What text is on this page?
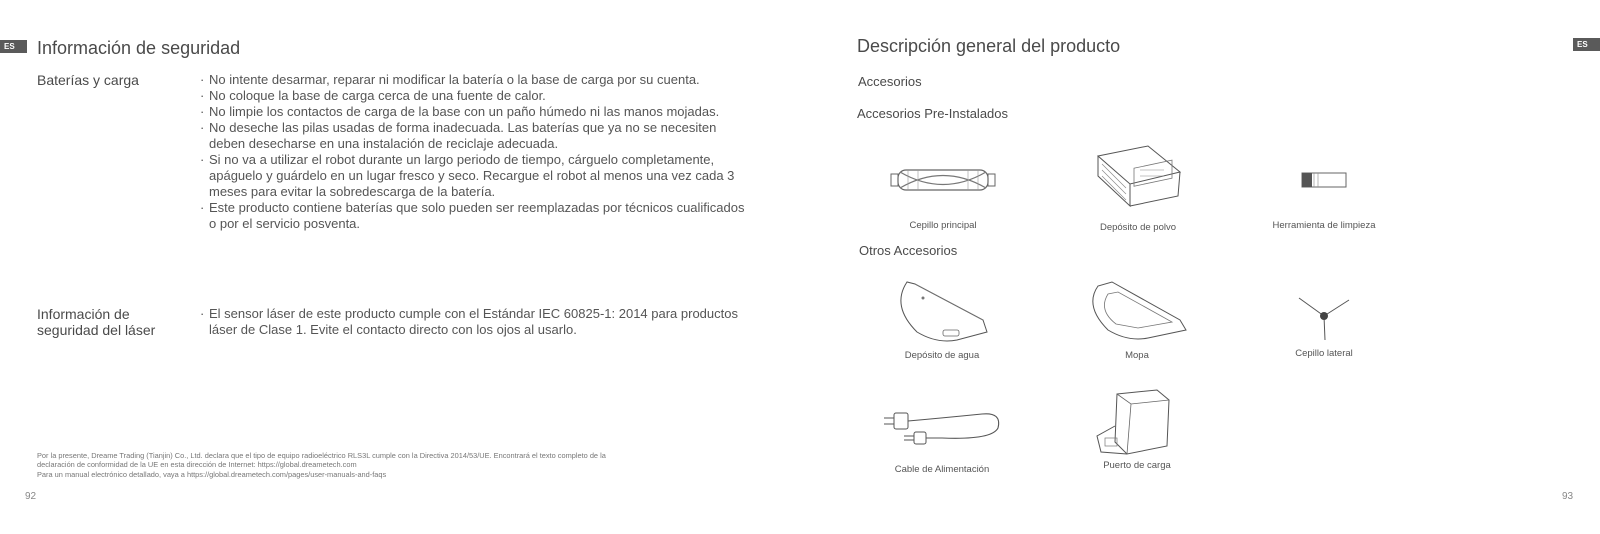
ES	Información de seguridad
Baterías y carga
·	No intente desarmar, reparar ni modificar la batería o la base de carga por su cuenta.
· No coloque la base de carga cerca de una fuente de calor.
· No limpie los contactos de carga de la base con un paño húmedo ni las manos mojadas.
· No deseche las pilas usadas de forma inadecuada. Las baterías que ya no se necesiten deben desecharse en una instalación de reciclaje adecuada.
· Si no va a utilizar el robot durante un largo periodo de tiempo, cárguelo completamente, apáguelo y guárdelo en un lugar fresco y seco. Recargue el robot al menos una vez cada 3 meses para evitar la sobredescarga de la batería.
· Este producto contiene baterías que solo pueden ser reemplazadas por técnicos cualificados o por el servicio posventa.
Información de seguridad del láser
· El sensor láser de este producto cumple con el Estándar IEC 60825-1: 2014 para productos láser de Clase 1. Evite el contacto directo con los ojos al usarlo.
Por la presente, Dreame Trading (Tianjin) Co., Ltd. declara que el tipo de equipo radioeléctrico RLS3L cumple con la Directiva 2014/53/UE. Encontrará el texto completo de la
declaración de conformidad de la UE en esta dirección de Internet: https://global.dreametech.com
Para un manual electrónico detallado, vaya a https://global.dreametech.com/pages/user-manuals-and-faqs
92
ES
Descripción general del producto
Accesorios
Accesorios Pre-Instalados
Otros Accesorios
Cepillo principal	Depósito de polvo	Herramienta de limpieza
Depósito de agua	Mopa	Cepillo lateral
Cable de Alimentación	Puerto de carga
93
